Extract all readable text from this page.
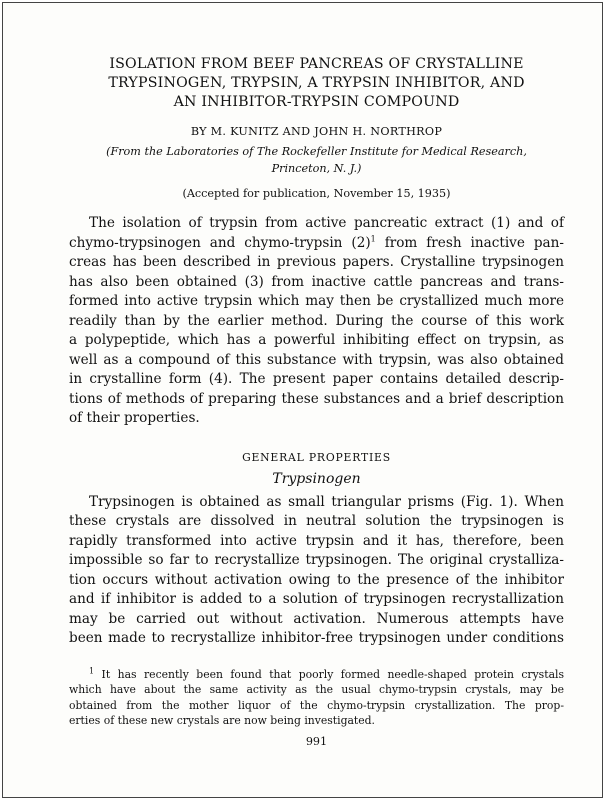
ISOLATION FROM BEEF PANCREAS OF CRYSTALLINE
TRYPSINOGEN, TRYPSIN, A TRYPSIN INHIBITOR, AND
AN INHIBITOR-TRYPSIN COMPOUND
BY M. KUNITZ AND JOHN H. NORTHROP
(From the Laboratories of The Rockefeller Institute for Medical Research,
Princeton, N. J.)
(Accepted for publication, November 15, 1935)
The isolation of trypsin from active pancreatic extract (1) and of
chymo-trypsinogen and chymo-trypsin $(2)^1$ from fresh inactive pan-
creas has been described in previous papers. Crystalline trypsinogen
has also been obtained (3) from inactive cattle pancreas and trans-
formed into active trypsin which may then be crystallized much more
readily than by the earlier method. During the course of this work
a polypeptide, which has a powerful inhibiting effect on trypsin, as
well as a compound of this substance with trypsin, was also obtained
in crystalline form (4). The present paper contains detailed descrip-
tions of methods of preparing these substances and a brief description
of their properties.
GENERAL PROPERTIES
Trypsinogen
Trypsinogen is obtained as small triangular prisms (Fig. 1). When
these crystals are dissolved in neutral solution the trypsinogen is
rapidly transformed into active trypsin and it has, therefore, been
impossible so far to recrystallize trypsinogen. The original crystalliza-
tion occurs without activation owing to the presence of the inhibitor
and if inhibitor is added to a solution of trypsinogen recrystallization
may be carried out without activation. Numerous attempts have
been made to recrystallize inhibitor-free trypsinogen under conditions
$^1$ It has recently been found that poorly formed needle-shaped protein crystals
which have about the same activity as the usual chymo-trypsin crystals, may be
obtained from the mother liquor of the chymo-trypsin crystallization. The prop-
erties of these new crystals are now being investigated.
991
